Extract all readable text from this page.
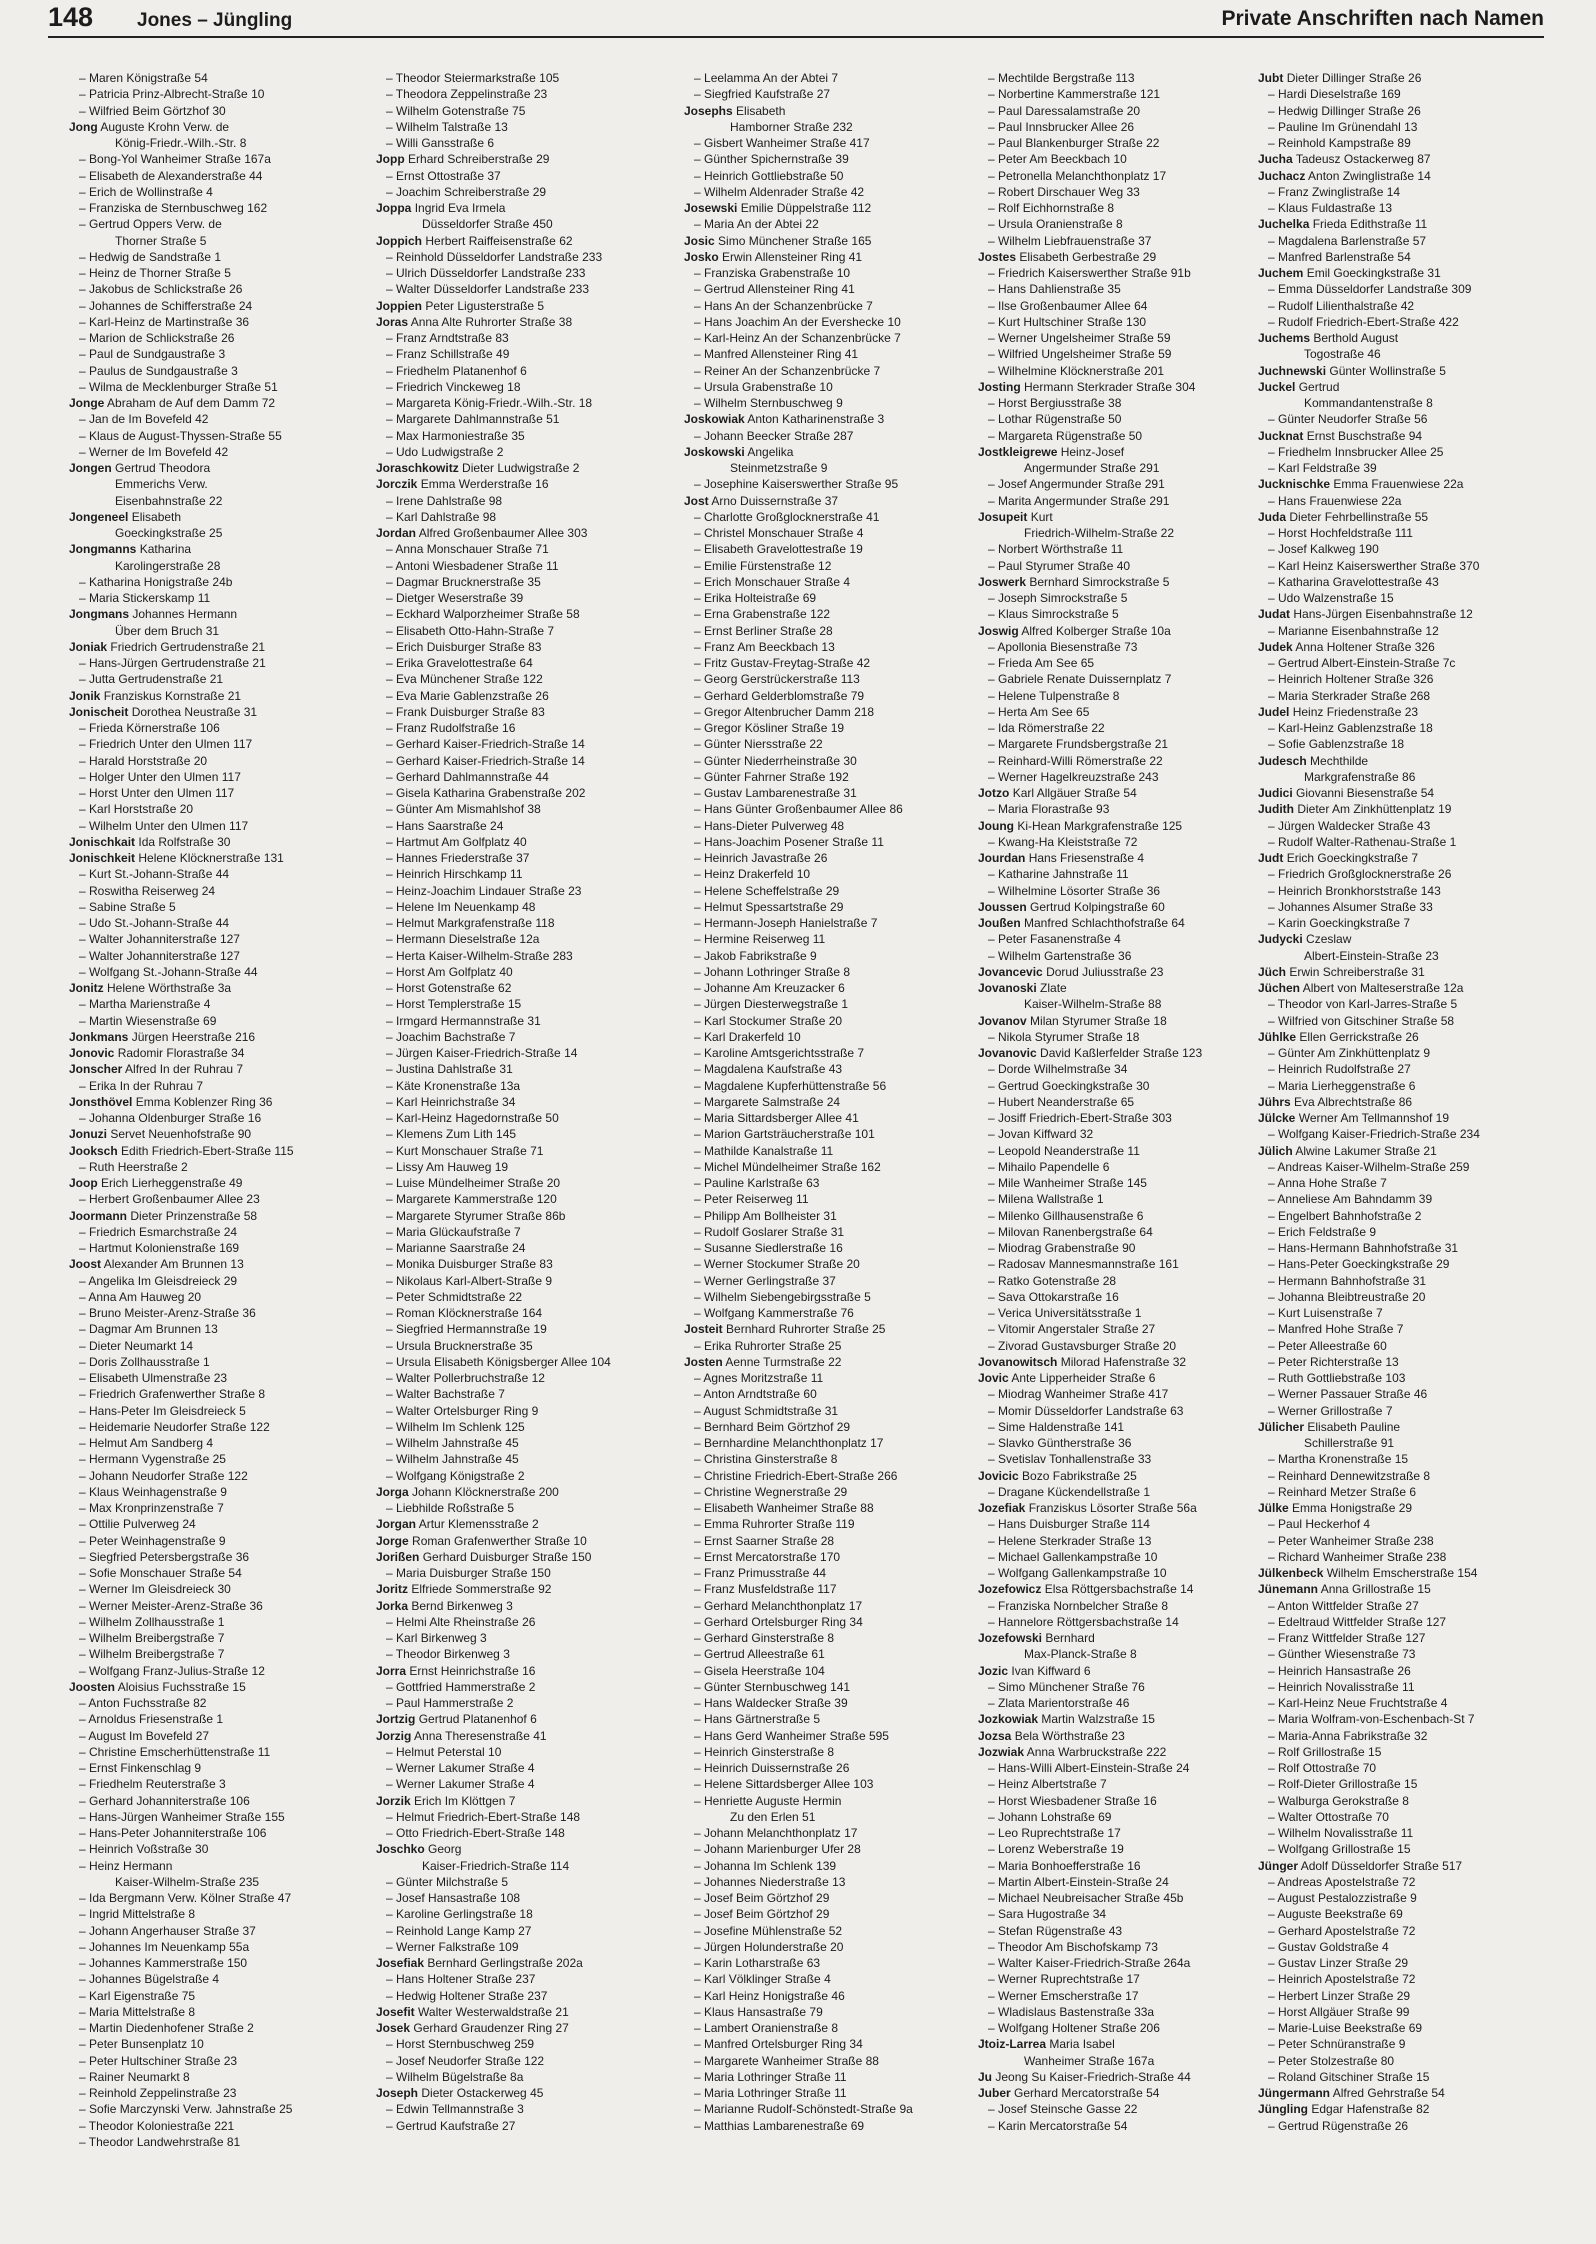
148 Jones – Jüngling	Private Anschriften nach Namen
– Maren Königstraße 54
– Patricia Prinz-Albrecht-Straße 10
– Wilfried Beim Görtzhof 30
Jong Auguste Krohn Verw. de
König-Friedr.-Wilh.-Str. 8
– Bong-Yol Wanheimer Straße 167a
– Elisabeth de Alexanderstraße 44
– Erich de Wollinstraße 4
– Franziska de Sternbuschweg 162
– Gertrud Oppers Verw. de
Thorner Straße 5
– Hedwig de Sandstraße 1
– Heinz de Thorner Straße 5
– Jakobus de Schlickstraße 26
– Johannes de Schifferstraße 24
– Karl-Heinz de Martinstraße 36
– Marion de Schlickstraße 26
– Paul de Sundgaustraße 3
– Paulus de Sundgaustraße 3
– Wilma de Mecklenburger Straße 51
Jonge Abraham de Auf dem Damm 72
– Jan de Im Bovefeld 42
– Klaus de August-Thyssen-Straße 55
– Werner de Im Bovefeld 42
Jongen Gertrud Theodora
Emmerichs Verw.
Eisenbahnstraße 22
Jongeneel Elisabeth
Goeckingkstraße 25
Jongmanns Katharina
Karolingerstraße 28
– Katharina Honigstraße 24b
– Maria Stickerskamp 11
Jongmans Johannes Hermann
Über dem Bruch 31
Joniak Friedrich Gertrudenstraße 21
– Hans-Jürgen Gertrudenstraße 21
– Jutta Gertrudenstraße 21
Jonik Franziskus Kornstraße 21
Jonischeit Dorothea Neustraße 31
– Frieda Körnerstraße 106
– Friedrich Unter den Ulmen 117
– Harald Horststraße 20
– Holger Unter den Ulmen 117
– Horst Unter den Ulmen 117
– Karl Horststraße 20
– Wilhelm Unter den Ulmen 117
Jonischkait Ida Rolfstraße 30
Jonischkeit Helene Klöcknerstraße 131
– Kurt St.-Johann-Straße 44
– Roswitha Reiserweg 24
– Sabine Straße 5
– Udo St.-Johann-Straße 44
– Walter Johanniterstraße 127
– Walter Johanniterstraße 127
– Wolfgang St.-Johann-Straße 44
Jonitz Helene Wörthstraße 3a
– Martha Marienstraße 4
– Martin Wiesenstraße 69
Jonkmans Jürgen Heerstraße 216
Jonovic Radomir Florastraße 34
Jonscher Alfred In der Ruhrau 7
– Erika In der Ruhrau 7
Jonsthövel Emma Koblenzer Ring 36
– Johanna Oldenburger Straße 16
Jonuzi Servet Neuenhofstraße 90
Jooksch Edith Friedrich-Ebert-Straße 115
– Ruth Heerstraße 2
Joop Erich Lierheggenstraße 49
– Herbert Großenbaumer Allee 23
Joormann Dieter Prinzenstraße 58
– Friedrich Esmarchstraße 24
– Hartmut Kolonienstraße 169
Joost Alexander Am Brunnen 13
– Angelika Im Gleisdreieck 29
– Anna Am Hauweg 20
– Bruno Meister-Arenz-Straße 36
– Dagmar Am Brunnen 13
– Dieter Neumarkt 14
– Doris Zollhausstraße 1
– Elisabeth Ulmenstraße 23
– Friedrich Grafenwerther Straße 8
– Hans-Peter Im Gleisdreieck 5
– Heidemarie Neudorfer Straße 122
– Helmut Am Sandberg 4
– Hermann Vygenstraße 25
– Johann Neudorfer Straße 122
– Klaus Weinhagenstraße 9
– Max Kronprinzenstraße 7
– Ottilie Pulverweg 24
– Peter Weinhagenstraße 9
– Siegfried Petersbergstraße 36
– Sofie Monschauer Straße 54
– Werner Im Gleisdreieck 30
– Werner Meister-Arenz-Straße 36
– Wilhelm Zollhausstraße 1
– Wilhelm Breibergstraße 7
– Wilhelm Breibergstraße 7
– Wolfgang Franz-Julius-Straße 12
Joosten Aloisius Fuchsstraße 15
– Anton Fuchsstraße 82
– Arnoldus Friesenstraße 1
– August Im Bovefeld 27
– Christine Emscherhüttenstraße 11
– Ernst Finkenschlag 9
– Friedhelm Reuterstraße 3
– Gerhard Johanniterstraße 106
– Hans-Jürgen Wanheimer Straße 155
– Hans-Peter Johanniterstraße 106
– Heinrich Voßstraße 30
– Heinz Hermann
Kaiser-Wilhelm-Straße 235
– Ida Bergmann Verw. Kölner Straße 47
– Ingrid Mittelstraße 8
– Johann Angerhauser Straße 37
– Johannes Im Neuenkamp 55a
– Johannes Kammerstraße 150
– Johannes Bügelstraße 4
– Karl Eigenstraße 75
– Maria Mittelstraße 8
– Martin Diedenhofener Straße 2
– Peter Bunsenplatz 10
– Peter Hultschiner Straße 23
– Rainer Neumarkt 8
– Reinhold Zeppelinstraße 23
– Sofie Marczynski Verw. Jahnstraße 25
– Theodor Koloniestraße 221
– Theodor Landwehrstraße 81
– Theodor Steiermarkstraße 105
– Theodora Zeppelinstraße 23
– Wilhelm Gotenstraße 75
– Wilhelm Talstraße 13
– Willi Gansstraße 6
Jopp Erhard Schreiberstraße 29
– Ernst Ottostraße 37
– Joachim Schreiberstraße 29
Joppa Ingrid Eva Irmela
Düsseldorfer Straße 450
Joppich Herbert Raiffeisenstraße 62
– Reinhold Düsseldorfer Landstraße 233
– Ulrich Düsseldorfer Landstraße 233
– Walter Düsseldorfer Landstraße 233
Joppien Peter Ligusterstraße 5
Joras Anna Alte Ruhrorter Straße 38
– Franz Arndtstraße 83
– Franz Schillstraße 49
– Friedhelm Platanenhof 6
– Friedrich Vinckeweg 18
– Margareta König-Friedr.-Wilh.-Str. 18
– Margarete Dahlmannstraße 51
– Max Harmoniestraße 35
– Udo Ludwigstraße 2
Joraschkowitz Dieter Ludwigstraße 2
Jorczik Emma Werderstraße 16
– Irene Dahlstraße 98
– Karl Dahlstraße 98
Jordan Alfred Großenbaumer Allee 303
– Anna Monschauer Straße 71
– Antoni Wiesbadener Straße 11
– Dagmar Brucknerstraße 35
– Dietger Weserstraße 39
– Eckhard Walporzheimer Straße 58
– Elisabeth Otto-Hahn-Straße 7
– Erich Duisburger Straße 83
– Erika Gravelottestraße 64
– Eva Münchener Straße 122
– Eva Marie Gablenzstraße 26
– Frank Duisburger Straße 83
– Franz Rudolfstraße 16
– Gerhard Kaiser-Friedrich-Straße 14
– Gerhard Kaiser-Friedrich-Straße 14
– Gerhard Dahlmannstraße 44
– Gisela Katharina Grabenstraße 202
– Günter Am Mismahlshof 38
– Hans Saarstraße 24
– Hartmut Am Golfplatz 40
– Hannes Friederstraße 37
– Heinrich Hirschkamp 11
– Heinz-Joachim Lindauer Straße 23
– Helene Im Neuenkamp 48
– Helmut Markgrafenstraße 118
– Hermann Dieselstraße 12a
– Herta Kaiser-Wilhelm-Straße 283
– Horst Am Golfplatz 40
– Horst Gotenstraße 62
– Horst Templerstraße 15
– Irmgard Hermannstraße 31
– Joachim Bachstraße 7
– Jürgen Kaiser-Friedrich-Straße 14
– Justina Dahlstraße 31
– Käte Kronenstraße 13a
– Karl Heinrichstraße 34
– Karl-Heinz Hagedornstraße 50
– Klemens Zum Lith 145
– Kurt Monschauer Straße 71
– Lissy Am Hauweg 19
– Luise Mündelheimer Straße 20
– Margarete Kammerstraße 120
– Margarete Styrumer Straße 86b
– Maria Glückaufstraße 7
– Marianne Saarstraße 24
– Monika Duisburger Straße 83
– Nikolaus Karl-Albert-Straße 9
– Peter Schmidtstraße 22
– Roman Klöcknerstraße 164
– Siegfried Hermannstraße 19
– Ursula Brucknerstraße 35
– Ursula Elisabeth Königsberger Allee 104
– Walter Pollerbruchstraße 12
– Walter Bachstraße 7
– Walter Ortelsburger Ring 9
– Wilhelm Im Schlenk 125
– Wilhelm Jahnstraße 45
– Wilhelm Jahnstraße 45
– Wolfgang Königstraße 2
Jorga Johann Klöcknerstraße 200
– Liebhilde Roßstraße 5
Jorgan Artur Klemensstraße 2
Jorge Roman Grafenwerther Straße 10
Jorißen Gerhard Duisburger Straße 150
– Maria Duisburger Straße 150
Joritz Elfriede Sommerstraße 92
Jorka Bernd Birkenweg 3
– Helmi Alte Rheinstraße 26
– Karl Birkenweg 3
– Theodor Birkenweg 3
Jorra Ernst Heinrichstraße 16
– Gottfried Hammerstraße 2
– Paul Hammerstraße 2
Jortzig Gertrud Platanenhof 6
Jorzig Anna Theresenstraße 41
– Helmut Peterstal 10
– Werner Lakumer Straße 4
– Werner Lakumer Straße 4
Jorzik Erich Im Klöttgen 7
– Helmut Friedrich-Ebert-Straße 148
– Otto Friedrich-Ebert-Straße 148
Joschko Georg
Kaiser-Friedrich-Straße 114
– Günter Milchstraße 5
– Josef Hansastraße 108
– Karoline Gerlingstraße 18
– Reinhold Lange Kamp 27
– Werner Falkstraße 109
Josefiak Bernhard Gerlingstraße 202a
– Hans Holtener Straße 237
– Hedwig Holtener Straße 237
Josefit Walter Westerwaldstraße 21
Josek Gerhard Graudenzer Ring 27
– Horst Sternbuschweg 259
– Josef Neudorfer Straße 122
– Wilhelm Bügelstraße 8a
Joseph Dieter Ostackerweg 45
– Edwin Tellmannstraße 3
– Gertrud Kaufstraße 27
– Leelamma An der Abtei 7
– Siegfried Kaufstraße 27
Josephs Elisabeth
Hamborner Straße 232
– Gisbert Wanheimer Straße 417
– Günther Spichernstraße 39
– Heinrich Gottliebstraße 50
– Wilhelm Aldenrader Straße 42
Josewski Emilie Düppelstraße 112
– Maria An der Abtei 22
Josic Simo Münchener Straße 165
Josko Erwin Allensteiner Ring 41
– Franziska Grabenstraße 10
– Gertrud Allensteiner Ring 41
– Hans An der Schanzenbrücke 7
– Hans Joachim An der Evershecke 10
– Karl-Heinz An der Schanzenbrücke 7
– Manfred Allensteiner Ring 41
– Reiner An der Schanzenbrücke 7
– Ursula Grabenstraße 10
– Wilhelm Sternbuschweg 9
Joskowiak Anton Katharinenstraße 3
– Johann Beecker Straße 287
Joskowski Angelika
Steinmetzstraße 9
– Josephine Kaiserswerther Straße 95
Jost Arno Duissernstraße 37
– Charlotte Großglocknerstraße 41
– Christel Monschauer Straße 4
– Elisabeth Gravelottestraße 19
– Emilie Fürstenstraße 12
– Erich Monschauer Straße 4
– Erika Holteistraße 69
– Erna Grabenstraße 122
– Ernst Berliner Straße 28
– Franz Am Beeckbach 13
– Fritz Gustav-Freytag-Straße 42
– Georg Gerstrückerstraße 113
– Gerhard Gelderblomstraße 79
– Gregor Altenbrucher Damm 218
– Gregor Kösliner Straße 19
– Günter Niersstraße 22
– Günter Niederrheinstraße 30
– Günter Fahrner Straße 192
– Gustav Lambarenestraße 31
– Hans Günter Großenbaumer Allee 86
– Hans-Dieter Pulverweg 48
– Hans-Joachim Posener Straße 11
– Heinrich Javastraße 26
– Heinz Drakerfeld 10
– Helene Scheffelstraße 29
– Helmut Spessartstraße 29
– Hermann-Joseph Hanielstraße 7
– Hermine Reiserweg 11
– Jakob Fabrikstraße 9
– Johann Lothringer Straße 8
– Johanne Am Kreuzacker 6
– Jürgen Diesterwegstraße 1
– Karl Stockumer Straße 20
– Karl Drakerfeld 10
– Karoline Amtsgerichtsstraße 7
– Magdalena Kaufstraße 43
– Magdalene Kupferhüttenstraße 56
– Margarete Salmstraße 24
– Maria Sittardsberger Allee 41
– Marion Gartsträucherstraße 101
– Mathilde Kanalstraße 11
– Michel Mündelheimer Straße 162
– Pauline Karlstraße 63
– Peter Reiserweg 11
– Philipp Am Bollheister 31
– Rudolf Goslarer Straße 31
– Susanne Siedlerstraße 16
– Werner Stockumer Straße 20
– Werner Gerlingstraße 37
– Wilhelm Siebengebirgsstraße 5
– Wolfgang Kammerstraße 76
Josteit Bernhard Ruhrorter Straße 25
– Erika Ruhrorter Straße 25
Josten Aenne Turmstraße 22
– Agnes Moritzstraße 11
– Anton Arndtstraße 60
– August Schmidtstraße 31
– Bernhard Beim Görtzhof 29
– Bernhardine Melanchthonplatz 17
– Christina Ginsterstraße 8
– Christine Friedrich-Ebert-Straße 266
– Christine Wegnerstraße 29
– Elisabeth Wanheimer Straße 88
– Emma Ruhrorter Straße 119
– Ernst Saarner Straße 28
– Ernst Mercatorstraße 170
– Franz Primusstraße 44
– Franz Musfeldstraße 117
– Gerhard Melanchthonplatz 17
– Gerhard Ortelsburger Ring 34
– Gerhard Ginsterstraße 8
– Gertrud Alleestraße 61
– Gisela Heerstraße 104
– Günter Sternbuschweg 141
– Hans Waldecker Straße 39
– Hans Gärtnerstraße 5
– Hans Gerd Wanheimer Straße 595
– Heinrich Ginsterstraße 8
– Heinrich Duissernstraße 26
– Helene Sittardsberger Allee 103
– Henriette Auguste Hermin
Zu den Erlen 51
– Johann Melanchthonplatz 17
– Johann Marienburger Ufer 28
– Johanna Im Schlenk 139
– Johannes Niederstraße 13
– Josef Beim Görtzhof 29
– Josef Beim Görtzhof 29
– Josefine Mühlenstraße 52
– Jürgen Holunderstraße 20
– Karin Lotharstraße 63
– Karl Völklinger Straße 4
– Karl Heinz Honigstraße 46
– Klaus Hansastraße 79
– Lambert Oranienstraße 8
– Manfred Ortelsburger Ring 34
– Margarete Wanheimer Straße 88
– Maria Lothringer Straße 11
– Maria Lothringer Straße 11
– Marianne Rudolf-Schönstedt-Straße 9a
– Matthias Lambarenestraße 69
– Mechtilde Bergstraße 113
– Norbertine Kammerstraße 121
– Paul Daressalamstraße 20
– Paul Innsbrucker Allee 26
– Paul Blankenburger Straße 22
– Peter Am Beeckbach 10
– Petronella Melanchthonplatz 17
– Robert Dirschauer Weg 33
– Rolf Eichhornstraße 8
– Ursula Oranienstraße 8
– Wilhelm Liebfrauenstraße 37
Jostes Elisabeth Gerbestraße 29
– Friedrich Kaiserswerther Straße 91b
– Hans Dahlienstraße 35
– Ilse Großenbaumer Allee 64
– Kurt Hultschiner Straße 130
– Werner Ungelsheimer Straße 59
– Wilfried Ungelsheimer Straße 59
– Wilhelmine Klöcknerstraße 201
Josting Hermann Sterkrader Straße 304
– Horst Bergiusstraße 38
– Lothar Rügenstraße 50
– Margareta Rügenstraße 50
Jostkleigrewe Heinz-Josef
Angermunder Straße 291
– Josef Angermunder Straße 291
– Marita Angermunder Straße 291
Josupeit Kurt
Friedrich-Wilhelm-Straße 22
– Norbert Wörthstraße 11
– Paul Styrumer Straße 40
Joswerk Bernhard Simrockstraße 5
– Joseph Simrockstraße 5
– Klaus Simrockstraße 5
Joswig Alfred Kolberger Straße 10a
– Apollonia Biesenstraße 73
– Frieda Am See 65
– Gabriele Renate Duissernplatz 7
– Helene Tulpenstraße 8
– Herta Am See 65
– Ida Römerstraße 22
– Margarete Frundsbergstraße 21
– Reinhard-Willi Römerstraße 22
– Werner Hagelkreuzstraße 243
Jotzo Karl Allgäuer Straße 54
– Maria Florastraße 93
Joung Ki-Hean Markgrafenstraße 125
– Kwang-Ha Kleiststraße 72
Jourdan Hans Friesenstraße 4
– Katharine Jahnstraße 11
– Wilhelmine Lösorter Straße 36
Joussen Gertrud Kolpingstraße 60
Joußen Manfred Schlachthofstraße 64
– Peter Fasanenstraße 4
– Wilhelm Gartenstraße 36
Jovancevic Dorud Juliusstraße 23
Jovanoski Zlate
Kaiser-Wilhelm-Straße 88
Jovanov Milan Styrumer Straße 18
– Nikola Styrumer Straße 18
Jovanovic David Kaßlerfelder Straße 123
– Dorde Wilhelmstraße 34
– Gertrud Goeckingkstraße 30
– Hubert Neanderstraße 65
– Josiff Friedrich-Ebert-Straße 303
– Jovan Kiffward 32
– Leopold Neanderstraße 11
– Mihailo Papendelle 6
– Mile Wanheimer Straße 145
– Milena Wallstraße 1
– Milenko Gillhausenstraße 6
– Milovan Ranenbergstraße 64
– Miodrag Grabenstraße 90
– Radosav Mannesmannstraße 161
– Ratko Gotenstraße 28
– Sava Ottokarstraße 16
– Verica Universitätsstraße 1
– Vitomir Angerstaler Straße 27
– Zivorad Gustavsburger Straße 20
Jovanowitsch Milorad Hafenstraße 32
Jovic Ante Lipperheider Straße 6
– Miodrag Wanheimer Straße 417
– Momir Düsseldorfer Landstraße 63
– Sime Haldenstraße 141
– Slavko Güntherstraße 36
– Svetislav Tonhallenstraße 33
Jovicic Bozo Fabrikstraße 25
– Dragane Kückendellstraße 1
Jozefiak Franziskus Lösorter Straße 56a
– Hans Duisburger Straße 114
– Helene Sterkrader Straße 13
– Michael Gallenkampstraße 10
– Wolfgang Gallenkampstraße 10
Jozefowicz Elsa Röttgersbachstraße 14
– Franziska Nornbelcher Straße 8
– Hannelore Röttgersbachstraße 14
Jozefowski Bernhard
Max-Planck-Straße 8
Jozic Ivan Kiffward 6
– Simo Münchener Straße 76
– Zlata Marientorstraße 46
Jozkowiak Martin Walzstraße 15
Jozsa Bela Wörthstraße 23
Jozwiak Anna Warbruckstraße 222
– Hans-Willi Albert-Einstein-Straße 24
– Heinz Albertstraße 7
– Horst Wiesbadener Straße 16
– Johann Lohstraße 69
– Leo Ruprechtstraße 17
– Lorenz Weberstraße 19
– Maria Bonhoefferstraße 16
– Martin Albert-Einstein-Straße 24
– Michael Neubreisacher Straße 45b
– Sara Hugostraße 34
– Stefan Rügenstraße 43
– Theodor Am Bischofskamp 73
– Walter Kaiser-Friedrich-Straße 264a
– Werner Ruprechtstraße 17
– Werner Emscherstraße 17
– Wladislaus Bastenstraße 33a
– Wolfgang Holtener Straße 206
Jtoiz-Larrea Maria Isabel
Wanheimer Straße 167a
Ju Jeong Su Kaiser-Friedrich-Straße 44
Juber Gerhard Mercatorstraße 54
– Josef Steinsche Gasse 22
– Karin Mercatorstraße 54
Jubt Dieter Dillinger Straße 26
– Hardi Dieselstraße 169
– Hedwig Dillinger Straße 26
– Pauline Im Grünendahl 13
– Reinhold Kampstraße 89
Jucha Tadeusz Ostackerweg 87
Juchacz Anton Zwinglistraße 14
– Franz Zwinglistraße 14
– Klaus Fuldastraße 13
Juchelka Frieda Edithstraße 11
– Magdalena Barlenstraße 57
– Manfred Barlenstraße 54
Juchem Emil Goeckingkstraße 31
– Emma Düsseldorfer Landstraße 309
– Rudolf Lilienthalstraße 42
– Rudolf Friedrich-Ebert-Straße 422
Juchems Berthold August
Togostraße 46
Juchnewski Günter Wollinstraße 5
Juckel Gertrud
Kommandantenstraße 8
– Günter Neudorfer Straße 56
Jucknat Ernst Buschstraße 94
– Friedhelm Innsbrucker Allee 25
– Karl Feldstraße 39
Jucknischke Emma Frauenwiese 22a
– Hans Frauenwiese 22a
Juda Dieter Fehrbellinstraße 55
– Horst Hochfeldstraße 111
– Josef Kalkweg 190
– Karl Heinz Kaiserswerther Straße 370
– Katharina Gravelottestraße 43
– Udo Walzenstraße 15
Judat Hans-Jürgen Eisenbahnstraße 12
– Marianne Eisenbahnstraße 12
Judek Anna Holtener Straße 326
– Gertrud Albert-Einstein-Straße 7c
– Heinrich Holtener Straße 326
– Maria Sterkrader Straße 268
Judel Heinz Friedenstraße 23
– Karl-Heinz Gablenzstraße 18
– Sofie Gablenzstraße 18
Judesch Mechthilde
Markgrafenstraße 86
Judici Giovanni Biesenstraße 54
Judith Dieter Am Zinkhüttenplatz 19
– Jürgen Waldecker Straße 43
– Rudolf Walter-Rathenau-Straße 1
Judt Erich Goeckingkstraße 7
– Friedrich Großglocknerstraße 26
– Heinrich Bronkhorststraße 143
– Johannes Alsumer Straße 33
– Karin Goeckingkstraße 7
Judycki Czeslaw
Albert-Einstein-Straße 23
Jüch Erwin Schreiberstraße 31
Jüchen Albert von Malteserstraße 12a
– Theodor von Karl-Jarres-Straße 5
– Wilfried von Gitschiner Straße 58
Jühlke Ellen Gerrickstraße 26
– Günter Am Zinkhüttenplatz 9
– Heinrich Rudolfstraße 27
– Maria Lierheggenstraße 6
Jührs Eva Albrechtstraße 86
Jülcke Werner Am Tellmannshof 19
– Wolfgang Kaiser-Friedrich-Straße 234
Jülich Alwine Lakumer Straße 21
– Andreas Kaiser-Wilhelm-Straße 259
– Anna Hohe Straße 7
– Anneliese Am Bahndamm 39
– Engelbert Bahnhofstraße 2
– Erich Feldstraße 9
– Hans-Hermann Bahnhofstraße 31
– Hans-Peter Goeckingkstraße 29
– Hermann Bahnhofstraße 31
– Johanna Bleibtreustraße 20
– Kurt Luisenstraße 7
– Manfred Hohe Straße 7
– Peter Alleestraße 60
– Peter Richterstraße 13
– Ruth Gottliebstraße 103
– Werner Passauer Straße 46
– Werner Grillostraße 7
Jülicher Elisabeth Pauline
Schillerstraße 91
– Martha Kronenstraße 15
– Reinhard Dennewitzstraße 8
– Reinhard Metzer Straße 6
Jülke Emma Honigstraße 29
– Paul Heckerhof 4
– Peter Wanheimer Straße 238
– Richard Wanheimer Straße 238
Jülkenbeck Wilhelm Emscherstraße 154
Jünemann Anna Grillostraße 15
– Anton Wittfelder Straße 27
– Edeltraud Wittfelder Straße 127
– Franz Wittfelder Straße 127
– Günther Wiesenstraße 73
– Heinrich Hansastraße 26
– Heinrich Novalisstraße 11
– Karl-Heinz Neue Fruchtstraße 4
– Maria Wolfram-von-Eschenbach-St 7
– Maria-Anna Fabrikstraße 32
– Rolf Grillostraße 15
– Rolf Ottostraße 70
– Rolf-Dieter Grillostraße 15
– Walburga Gerokstraße 8
– Walter Ottostraße 70
– Wilhelm Novalisstraße 11
– Wolfgang Grillostraße 15
Jünger Adolf Düsseldorfer Straße 517
– Andreas Apostelstraße 72
– August Pestalozzistraße 9
– Auguste Beekstraße 69
– Gerhard Apostelstraße 72
– Gustav Goldstraße 4
– Gustav Linzer Straße 29
– Heinrich Apostelstraße 72
– Herbert Linzer Straße 29
– Horst Allgäuer Straße 99
– Marie-Luise Beekstraße 69
– Peter Schnüranstraße 9
– Peter Stolzestraße 80
– Roland Gitschiner Straße 15
Jüngermann Alfred Gehrstraße 54
Jüngling Edgar Hafenstraße 82
– Gertrud Rügenstraße 26
